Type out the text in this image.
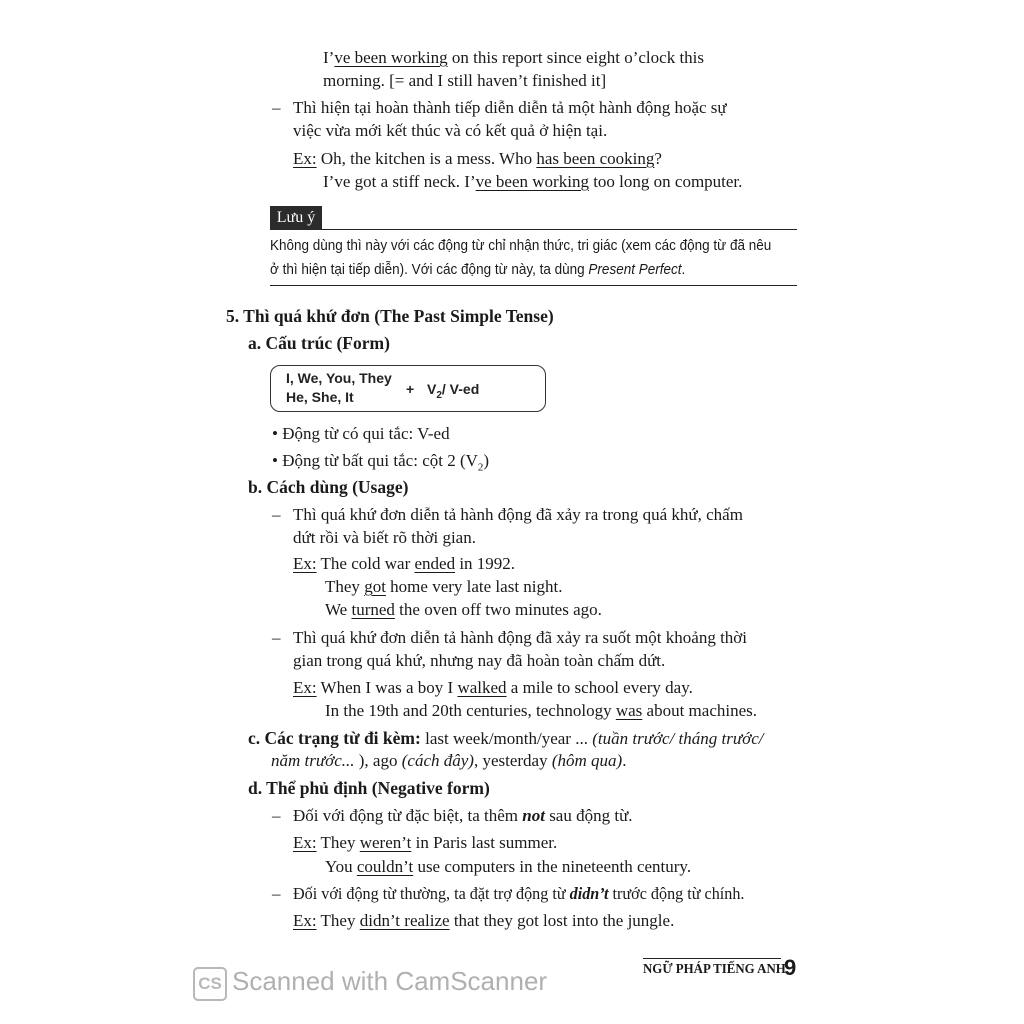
I’ve been working on this report since eight o’clock this
morning. [= and I still haven’t finished it]
– Thì hiện tại hoàn thành tiếp diễn diễn tả một hành động hoặc sự
việc vừa mới kết thúc và có kết quả ở hiện tại.
Ex: Oh, the kitchen is a mess. Who has been cooking?
I’ve got a stiff neck. I’ve been working too long on computer.
Lưu ý
Không dùng thì này với các động từ chỉ nhận thức, tri giác (xem các động từ đã nêu
ở thì hiện tại tiếp diễn). Với các động từ này, ta dùng Present Perfect.
5. Thì quá khứ đơn (The Past Simple Tense)
a. Cấu trúc (Form)
I, We, You, They
He, She, It	+ $V_2/$ V-ed
• Động từ có qui tắc: V-ed
• Động từ bất qui tắc: cột 2 $(V_2)$
b. Cách dùng (Usage)
– Thì quá khứ đơn diễn tả hành động đã xảy ra trong quá khứ, chấm
dứt rồi và biết rõ thời gian.
Ex: The cold war ended in 1992.
They got home very late last night.
We turned the oven off two minutes ago.
– Thì quá khứ đơn diễn tả hành động đã xảy ra suốt một khoảng thời
gian trong quá khứ, nhưng nay đã hoàn toàn chấm dứt.
Ex: When I was a boy I walked a mile to school every day.
In the 19th and 20th centuries, technology was about machines.
c. Các trạng từ đi kèm: last week/month/year ... (tuần trước/ tháng trước/
năm trước... ), ago (cách đây), yesterday (hôm qua).
d. Thể phủ định (Negative form)
– Đối với động từ đặc biệt, ta thêm not sau động từ.
Ex: They weren’t in Paris last summer.
You couldn’t use computers in the nineteenth century.
– Đối với động từ thường, ta đặt trợ động từ didn’t trước động từ chính.
Ex: They didn’t realize that they got lost into the jungle.
NGỮ PHÁP TIẾNG ANH
9
CS Scanned with CamScanner
